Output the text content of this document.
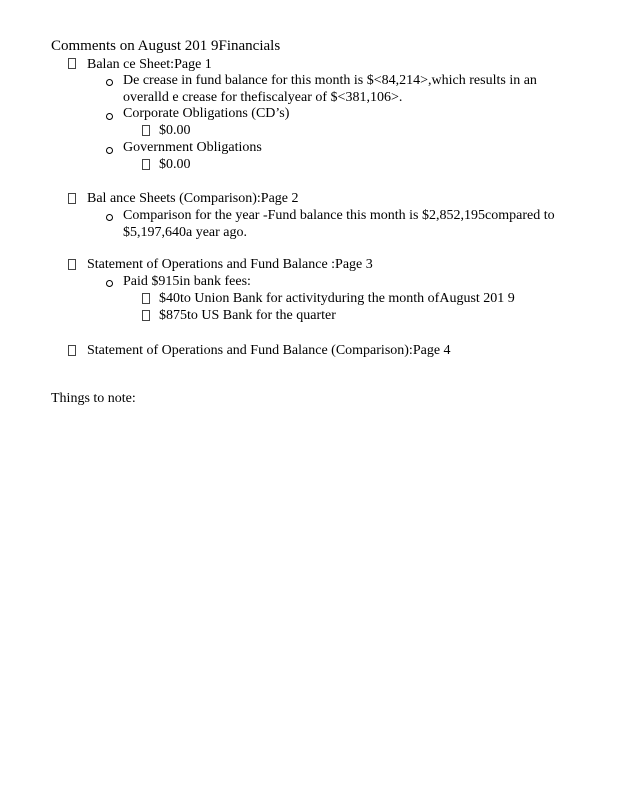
Comments on August 201 9Financials
Balan ce Sheet:Page 1
De crease in fund balance for this month is $<84,214>,which results in an
overalld e crease for thefiscalyear of $<381,106>.
Corporate Obligations (CD’s)
$0.00
Government Obligations
$0.00
Bal ance Sheets (Comparison):Page 2
Comparison for the year -Fund balance this month is $2,852,195compared to
$5,197,640a year ago.
Statement of Operations and Fund Balance :Page 3
Paid $915in bank fees:
$40to Union Bank for activityduring the month ofAugust 201 9
$875to US Bank for the quarter
Statement of Operations and Fund Balance (Comparison):Page 4
Things to note:
